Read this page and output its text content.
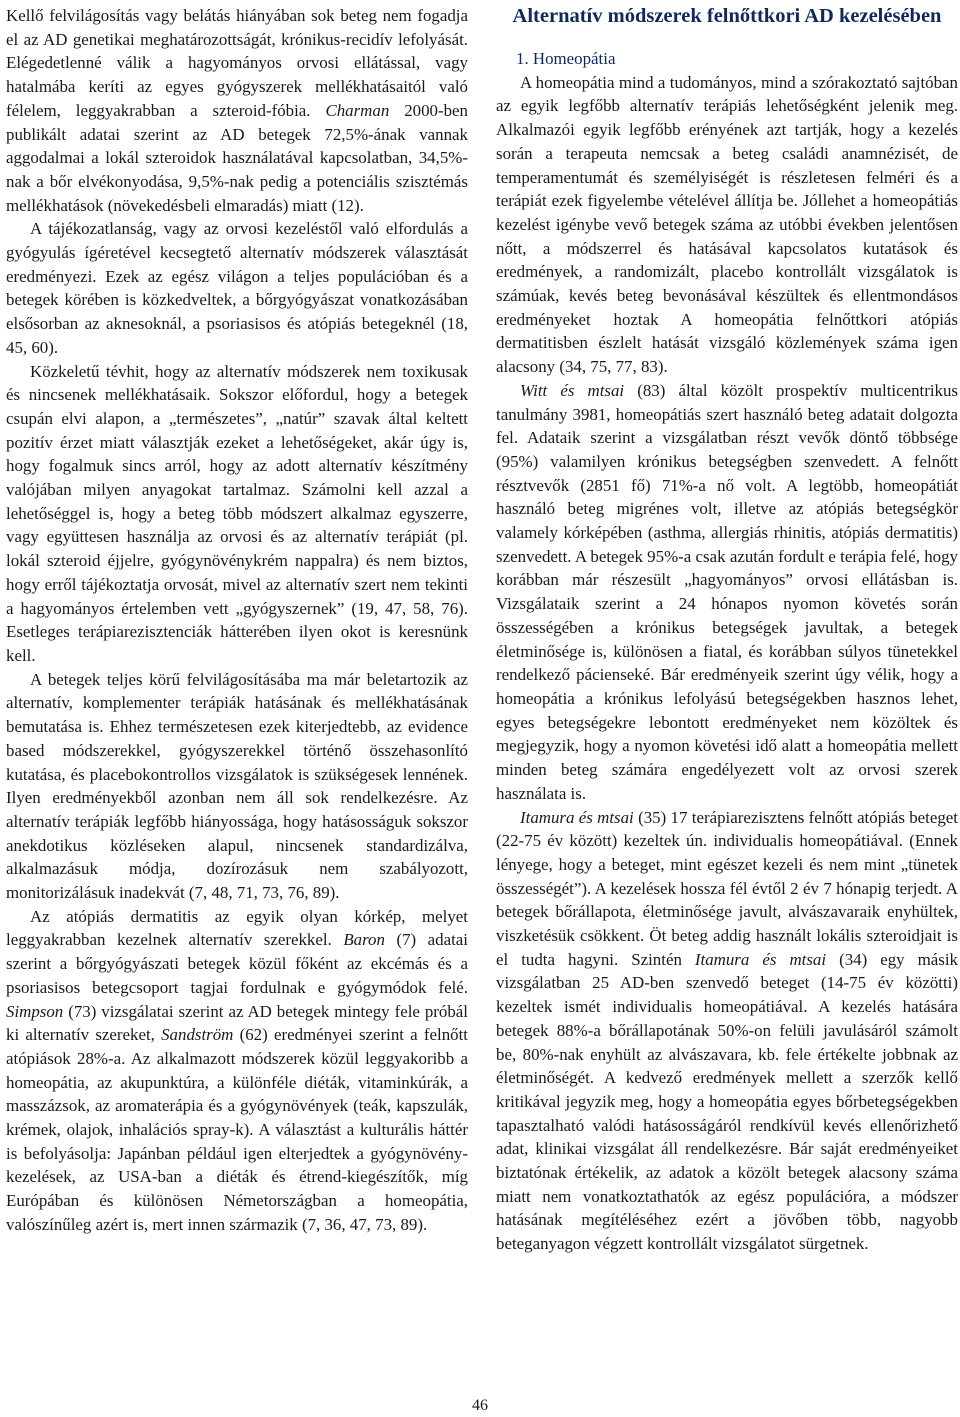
Kellő felvilágosítás vagy belátás hiányában sok beteg nem fogadja el az AD genetikai meghatározottságát, krónikus-recidív lefolyását. Elégedetlenné válik a hagyományos orvosi ellátással, vagy hatalmába keríti az egyes gyógyszerek mellékhatásaitól való félelem, leggyakrabban a szteroid-fóbia. Charman 2000-ben publikált adatai szerint az AD betegek 72,5%-ának vannak aggodalmai a lokál szteroidok használatával kapcsolatban, 34,5%-nak a bőr elvékonyodása, 9,5%-nak pedig a potenciális szisztémás mellékhatások (növekedésbeli elmaradás) miatt (12).

A tájékozatlanság, vagy az orvosi kezeléstől való elfordulás a gyógyulás ígéretével kecsegtető alternatív módszerek választását eredményezi. Ezek az egész világon a teljes populációban és a betegek körében is közkedveltek, a bőrgyógyászat vonatkozásában elsősorban az aknesoknál, a psoriasisos és atópiás betegeknél (18, 45, 60).

Közkeletű tévhit, hogy az alternatív módszerek nem toxikusak és nincsenek mellékhatásaik. Sokszor előfordul, hogy a betegek csupán elvi alapon, a „természetes”, „natúr” szavak által keltett pozitív érzet miatt választják ezeket a lehetőségeket, akár úgy is, hogy fogalmuk sincs arról, hogy az adott alternatív készítmény valójában milyen anyagokat tartalmaz. Számolni kell azzal a lehetőséggel is, hogy a beteg több módszert alkalmaz egyszerre, vagy együttesen használja az orvosi és az alternatív terápiát (pl. lokál szteroid éjjelre, gyógynövénykrém nappalra) és nem biztos, hogy erről tájékoztatja orvosát, mivel az alternatív szert nem tekinti a hagyományos értelemben vett „gyógyszernek” (19, 47, 58, 76). Esetleges terápiarezisztenciák hátterében ilyen okot is keresnünk kell.

A betegek teljes körű felvilágosításába ma már beletartozik az alternatív, komplementer terápiák hatásának és mellékhatásának bemutatása is. Ehhez természetesen ezek kiterjedtebb, az evidence based módszerekkel, gyógyszerekkel történő összehasonlító kutatása, és placebokontrollos vizsgálatok is szükségesek lennének. Ilyen eredményekből azonban nem áll sok rendelkezésre. Az alternatív terápiák legfőbb hiányossága, hogy hatásosságuk sokszor anekdotikus közléseken alapul, nincsenek standardizálva, alkalmazásuk módja, dozírozásuk nem szabályozott, monitorizálásuk inadekvát (7, 48, 71, 73, 76, 89).

Az atópiás dermatitis az egyik olyan kórkép, melyet leggyakrabban kezelnek alternatív szerekkel. Baron (7) adatai szerint a bőrgyógyászati betegek közül főként az ekcémás és a psoriasisos betegcsoport tagjai fordulnak e gyógymódok felé. Simpson (73) vizsgálatai szerint az AD betegek mintegy fele próbál ki alternatív szereket, Sandström (62) eredményei szerint a felnőtt atópiások 28%-a. Az alkalmazott módszerek közül leggyakoribb a homeopátia, az akupunktúra, a különféle diéták, vitaminkúrák, a masszázsok, az aromaterápia és a gyógynövények (teák, kapszulák, krémek, olajok, inhalációs spray-k). A választást a kulturális háttér is befolyásolja: Japánban például igen elterjedtek a gyógynövény-kezelések, az USA-ban a diéták és étrend-kiegészítők, míg Európában és különösen Németországban a homeopátia, valószínűleg azért is, mert innen származik (7, 36, 47, 73, 89).

Alternatív módszerek felnőttkori AD kezelésében
1. Homeopátia

A homeopátia mind a tudományos, mind a szórakoztató sajtóban az egyik legfőbb alternatív terápiás lehetőségként jelenik meg. Alkalmazói egyik legfőbb erényének azt tartják, hogy a kezelés során a terapeuta nemcsak a beteg családi anamnézisét, de temperamentumát és személyiségét is részletesen felméri és a terápiát ezek figyelembe vételével állítja be. Jóllehet a homeopátiás kezelést igénybe vevő betegek száma az utóbbi években jelentősen nőtt, a módszerrel és hatásával kapcsolatos kutatások és eredmények, a randomizált, placebo kontrollált vizsgálatok is számúak, kevés beteg bevonásával készültek és ellentmondásos eredményeket hoztak A homeopátia felnőttkori atópiás dermatitisben észlelt hatását vizsgáló közlemények száma igen alacsony (34, 75, 77, 83).

Witt és mtsai (83) által közölt prospektív multicentrikus tanulmány 3981, homeopátiás szert használó beteg adatait dolgozta fel. Adataik szerint a vizsgálatban részt vevők döntő többsége (95%) valamilyen krónikus betegségben szenvedett. A felnőtt résztvevők (2851 fő) 71%-a nő volt. A legtöbb, homeopátiát használó beteg migrénes volt, illetve az atópiás betegségkör valamely kórképében (asthma, allergiás rhinitis, atópiás dermatitis) szenvedett. A betegek 95%-a csak azután fordult e terápia felé, hogy korábban már részesült „hagyományos” orvosi ellátásban is. Vizsgálataik szerint a 24 hónapos nyomon követés során összességében a krónikus betegségek javultak, a betegek életminősége is, különösen a fiatal, és korábban súlyos tünetekkel rendelkező pácienseké. Bár eredményeik szerint úgy vélik, hogy a homeopátia a krónikus lefolyású betegségekben hasznos lehet, egyes betegségekre lebontott eredményeket nem közöltek és megjegyzik, hogy a nyomon követési idő alatt a homeopátia mellett minden beteg számára engedélyezett volt az orvosi szerek használata is.

Itamura és mtsai (35) 17 terápiarezisztens felnőtt atópiás beteget (22-75 év között) kezeltek ún. individualis homeopátiával. (Ennek lényege, hogy a beteget, mint egészet kezeli és nem mint „tünetek összességét”). A kezelések hossza fél évtől 2 év 7 hónapig terjedt. A betegek bőrállapota, életminősége javult, alvászavaraik enyhültek, viszketésük csökkent. Öt beteg addig használt lokális szteroidjait is el tudta hagyni. Szintén Itamura és mtsai (34) egy másik vizsgálatban 25 AD-ben szenvedő beteget (14-75 év közötti) kezeltek ismét individualis homeopátiával. A kezelés hatására betegek 88%-a bőrállapotának 50%-on felüli javulásáról számolt be, 80%-nak enyhült az alvászavara, kb. fele értékelte jobbnak az életminőségét. A kedvező eredmények mellett a szerzők kellő kritikával jegyzik meg, hogy a homeopátia egyes bőrbetegségekben tapasztalható valódi hatásosságáról rendkívül kevés ellenőrizhető adat, klinikai vizsgálat áll rendelkezésre. Bár saját eredményeiket biztatónak értékelik, az adatok a közölt betegek alacsony száma miatt nem vonatkoztathatók az egész populációra, a módszer hatásának megítéléséhez ezért a jövőben több, nagyobb beteganyagon végzett kontrollált vizsgálatot sürgetnek.

46
